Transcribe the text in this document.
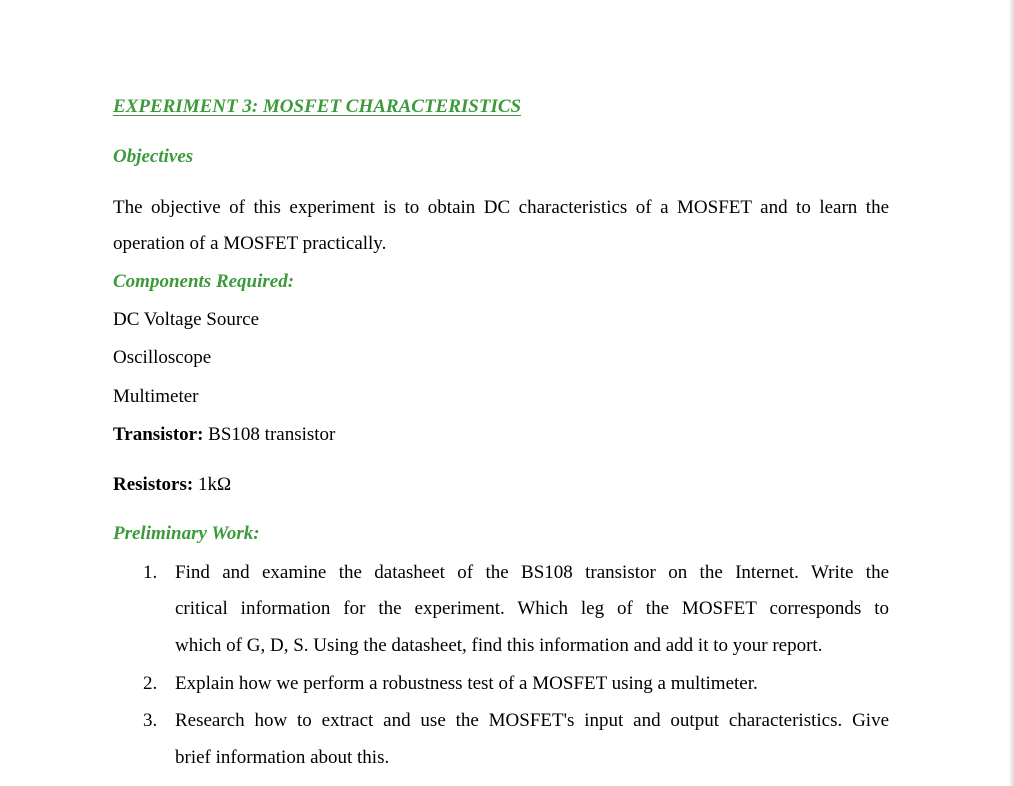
EXPERIMENT 3: MOSFET CHARACTERISTICS
Objectives
The objective of this experiment is to obtain DC characteristics of a MOSFET and to learn the
operation of a MOSFET practically.
Components Required:
DC Voltage Source
Oscilloscope
Multimeter
Transistor: BS108 transistor
Resistors: 1kΩ
Preliminary Work:
1. Find and examine the datasheet of the BS108 transistor on the Internet. Write the
critical information for the experiment. Which leg of the MOSFET corresponds to
which of G, D, S. Using the datasheet, find this information and add it to your report.
2. Explain how we perform a robustness test of a MOSFET using a multimeter.
3. Research how to extract and use the MOSFET's input and output characteristics. Give
brief information about this.
